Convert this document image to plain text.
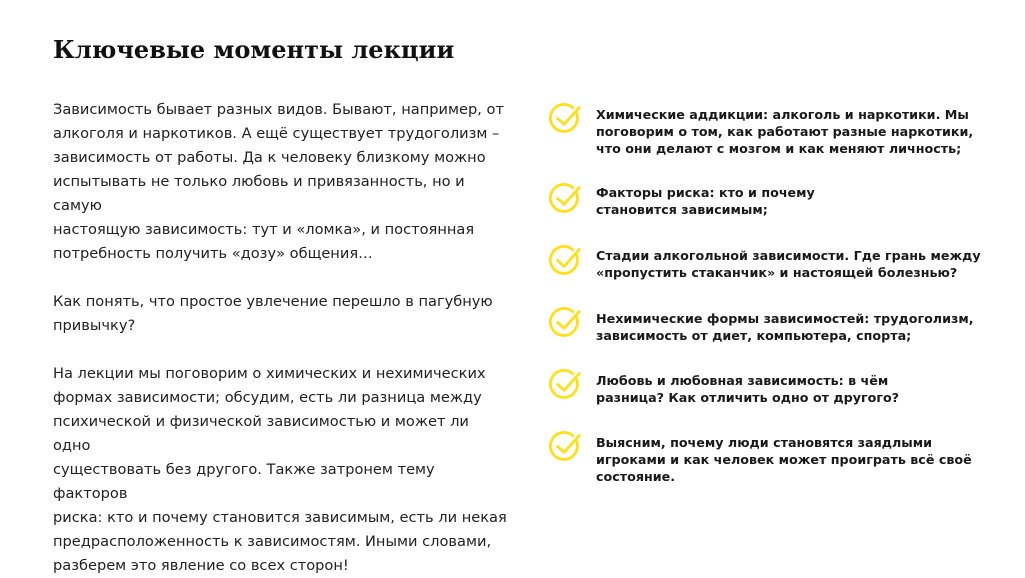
Ключевые моменты лекции

Зависимость бывает разных видов. Бывают, например, от
алкоголя и наркотиков. А ещё существует трудоголизм –
зависимость от работы. Да к человеку близкому можно
испытывать не только любовь и привязанность, но и самую
настоящую зависимость: тут и «ломка», и постоянная
потребность получить «дозу» общения…

Как понять, что простое увлечение перешло в пагубную
привычку?

На лекции мы поговорим о химических и нехимических
формах зависимости; обсудим, есть ли разница между
психической и физической зависимостью и может ли одно
существовать без другого. Также затронем тему факторов
риска: кто и почему становится зависимым, есть ли некая
предрасположенность к зависимостям. Иными словами,
разберем это явление со всех сторон!

Химические аддикции: алкоголь и наркотики. Мы
поговорим о том, как работают разные наркотики,
что они делают с мозгом и как меняют личность;
Факторы риска: кто и почему
становится зависимым;
Стадии алкогольной зависимости. Где грань между
«пропустить стаканчик» и настоящей болезнью?
Нехимические формы зависимостей: трудоголизм,
зависимость от диет, компьютера, спорта;
Любовь и любовная зависимость: в чём
разница? Как отличить одно от другого?
Выясним, почему люди становятся заядлыми
игроками и как человек может проиграть всё своё
состояние.
